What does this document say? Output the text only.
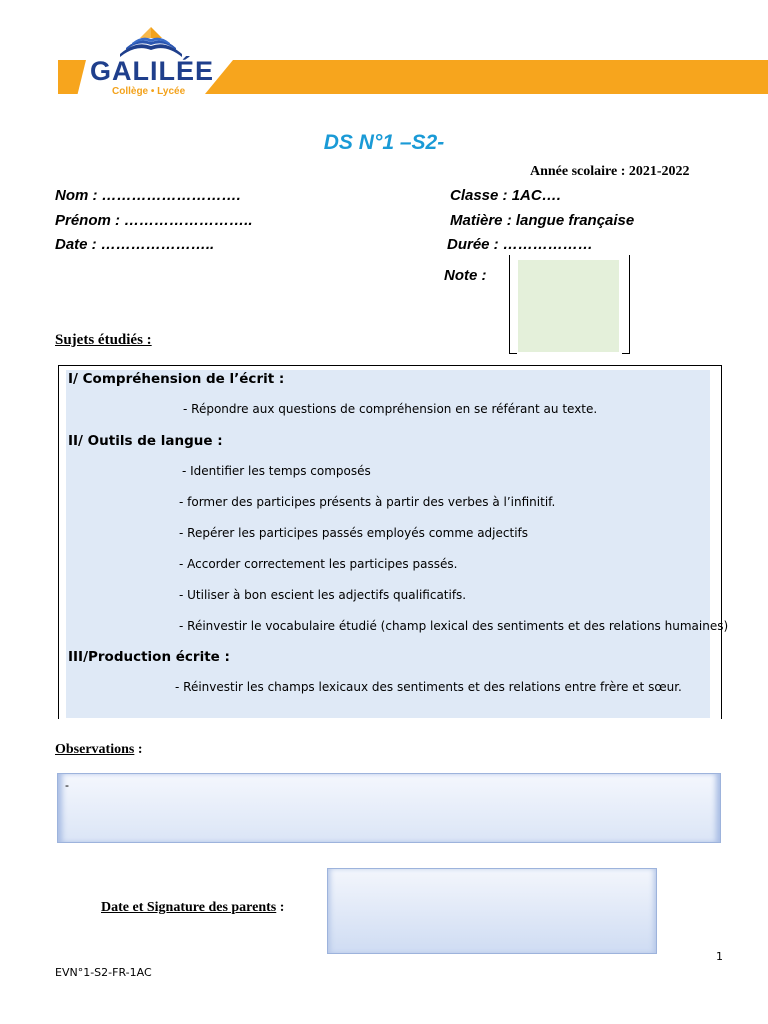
GALILÉE
Collège • Lycée
DS N°1 –S2-
Année scolaire : 2021-2022
Nom : ……………………….
Prénom : ……………………..
Date : …………………..
Classe : 1AC….
Matière : langue française
Durée : ………………
Note :
Sujets étudiés :
I/ Compréhension de l’écrit :
- Répondre aux questions de compréhension en se référant au texte.
II/ Outils de langue :
- Identifier les temps composés
- former des participes présents à partir des verbes à l’infinitif.
- Repérer les participes passés employés comme adjectifs
- Accorder correctement les participes passés.
- Utiliser à bon escient les adjectifs qualificatifs.
- Réinvestir le vocabulaire étudié (champ lexical des sentiments et des relations humaines)
III/Production écrite :
- Réinvestir les champs lexicaux des sentiments et des relations entre frère et sœur.
Observations :
-
Date et Signature des parents :
1
EVN°1-S2-FR-1AC
